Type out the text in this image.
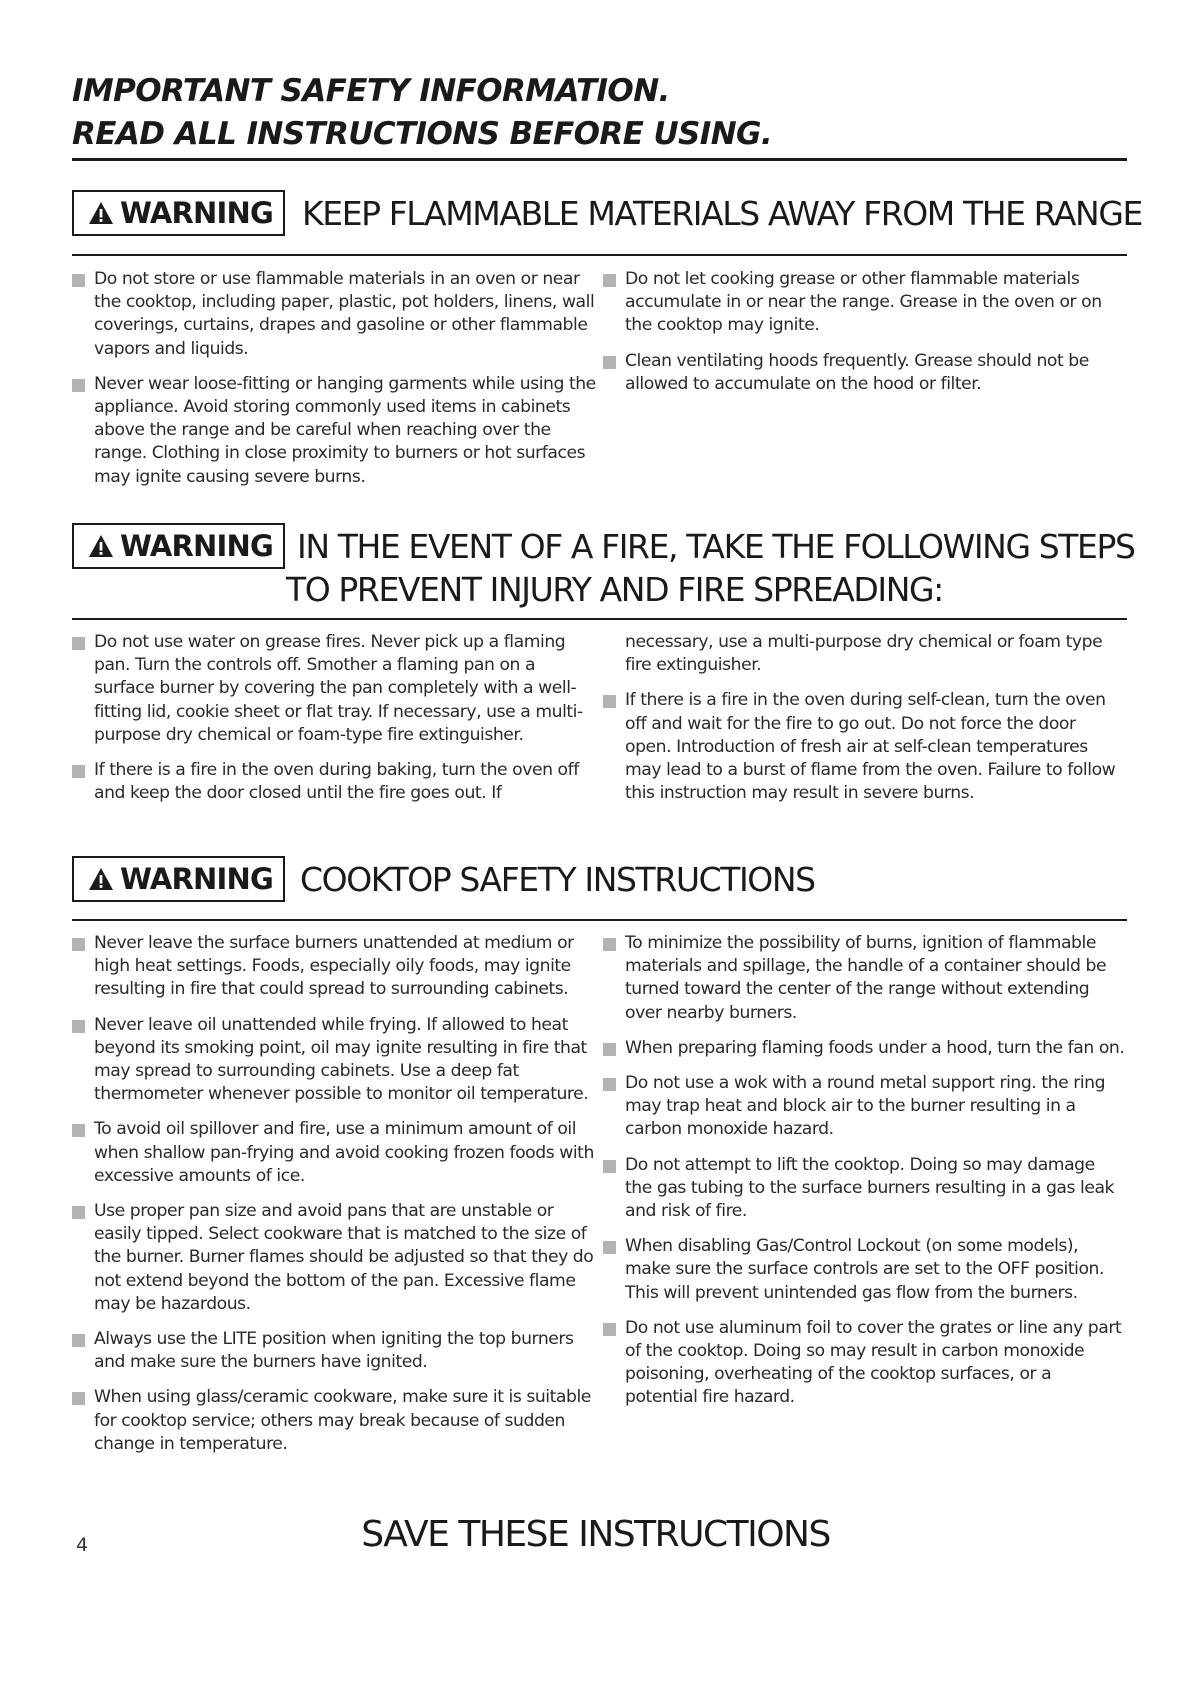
IMPORTANT SAFETY INFORMATION.
READ ALL INSTRUCTIONS BEFORE USING.
WARNING KEEP FLAMMABLE MATERIALS AWAY FROM THE RANGE
Do not store or use flammable materials in an oven or near the cooktop, including paper, plastic, pot holders, linens, wall coverings, curtains, drapes and gasoline or other flammable vapors and liquids.
Never wear loose-fitting or hanging garments while using the appliance. Avoid storing commonly used items in cabinets above the range and be careful when reaching over the range. Clothing in close proximity to burners or hot surfaces may ignite causing severe burns.
Do not let cooking grease or other flammable materials accumulate in or near the range. Grease in the oven or on the cooktop may ignite.
Clean ventilating hoods frequently. Grease should not be allowed to accumulate on the hood or filter.
WARNING IN THE EVENT OF A FIRE, TAKE THE FOLLOWING STEPS
TO PREVENT INJURY AND FIRE SPREADING:
Do not use water on grease fires. Never pick up a flaming pan. Turn the controls off. Smother a flaming pan on a surface burner by covering the pan completely with a well-fitting lid, cookie sheet or flat tray. If necessary, use a multi-purpose dry chemical or foam-type fire extinguisher.
If there is a fire in the oven during baking, turn the oven off and keep the door closed until the fire goes out. If
necessary, use a multi-purpose dry chemical or foam type fire extinguisher.
If there is a fire in the oven during self-clean, turn the oven off and wait for the fire to go out. Do not force the door open. Introduction of fresh air at self-clean temperatures may lead to a burst of flame from the oven. Failure to follow this instruction may result in severe burns.
WARNING COOKTOP SAFETY INSTRUCTIONS
Never leave the surface burners unattended at medium or high heat settings. Foods, especially oily foods, may ignite resulting in fire that could spread to surrounding cabinets.
Never leave oil unattended while frying. If allowed to heat beyond its smoking point, oil may ignite resulting in fire that may spread to surrounding cabinets. Use a deep fat thermometer whenever possible to monitor oil temperature.
To avoid oil spillover and fire, use a minimum amount of oil when shallow pan-frying and avoid cooking frozen foods with excessive amounts of ice.
Use proper pan size and avoid pans that are unstable or easily tipped. Select cookware that is matched to the size of the burner. Burner flames should be adjusted so that they do not extend beyond the bottom of the pan. Excessive flame may be hazardous.
Always use the LITE position when igniting the top burners and make sure the burners have ignited.
When using glass/ceramic cookware, make sure it is suitable for cooktop service; others may break because of sudden change in temperature.
To minimize the possibility of burns, ignition of flammable materials and spillage, the handle of a container should be turned toward the center of the range without extending over nearby burners.
When preparing flaming foods under a hood, turn the fan on.
Do not use a wok with a round metal support ring. the ring may trap heat and block air to the burner resulting in a carbon monoxide hazard.
Do not attempt to lift the cooktop. Doing so may damage the gas tubing to the surface burners resulting in a gas leak and risk of fire.
When disabling Gas/Control Lockout (on some models), make sure the surface controls are set to the OFF position. This will prevent unintended gas flow from the burners.
Do not use aluminum foil to cover the grates or line any part of the cooktop. Doing so may result in carbon monoxide poisoning, overheating of the cooktop surfaces, or a potential fire hazard.
4	SAVE THESE INSTRUCTIONS
